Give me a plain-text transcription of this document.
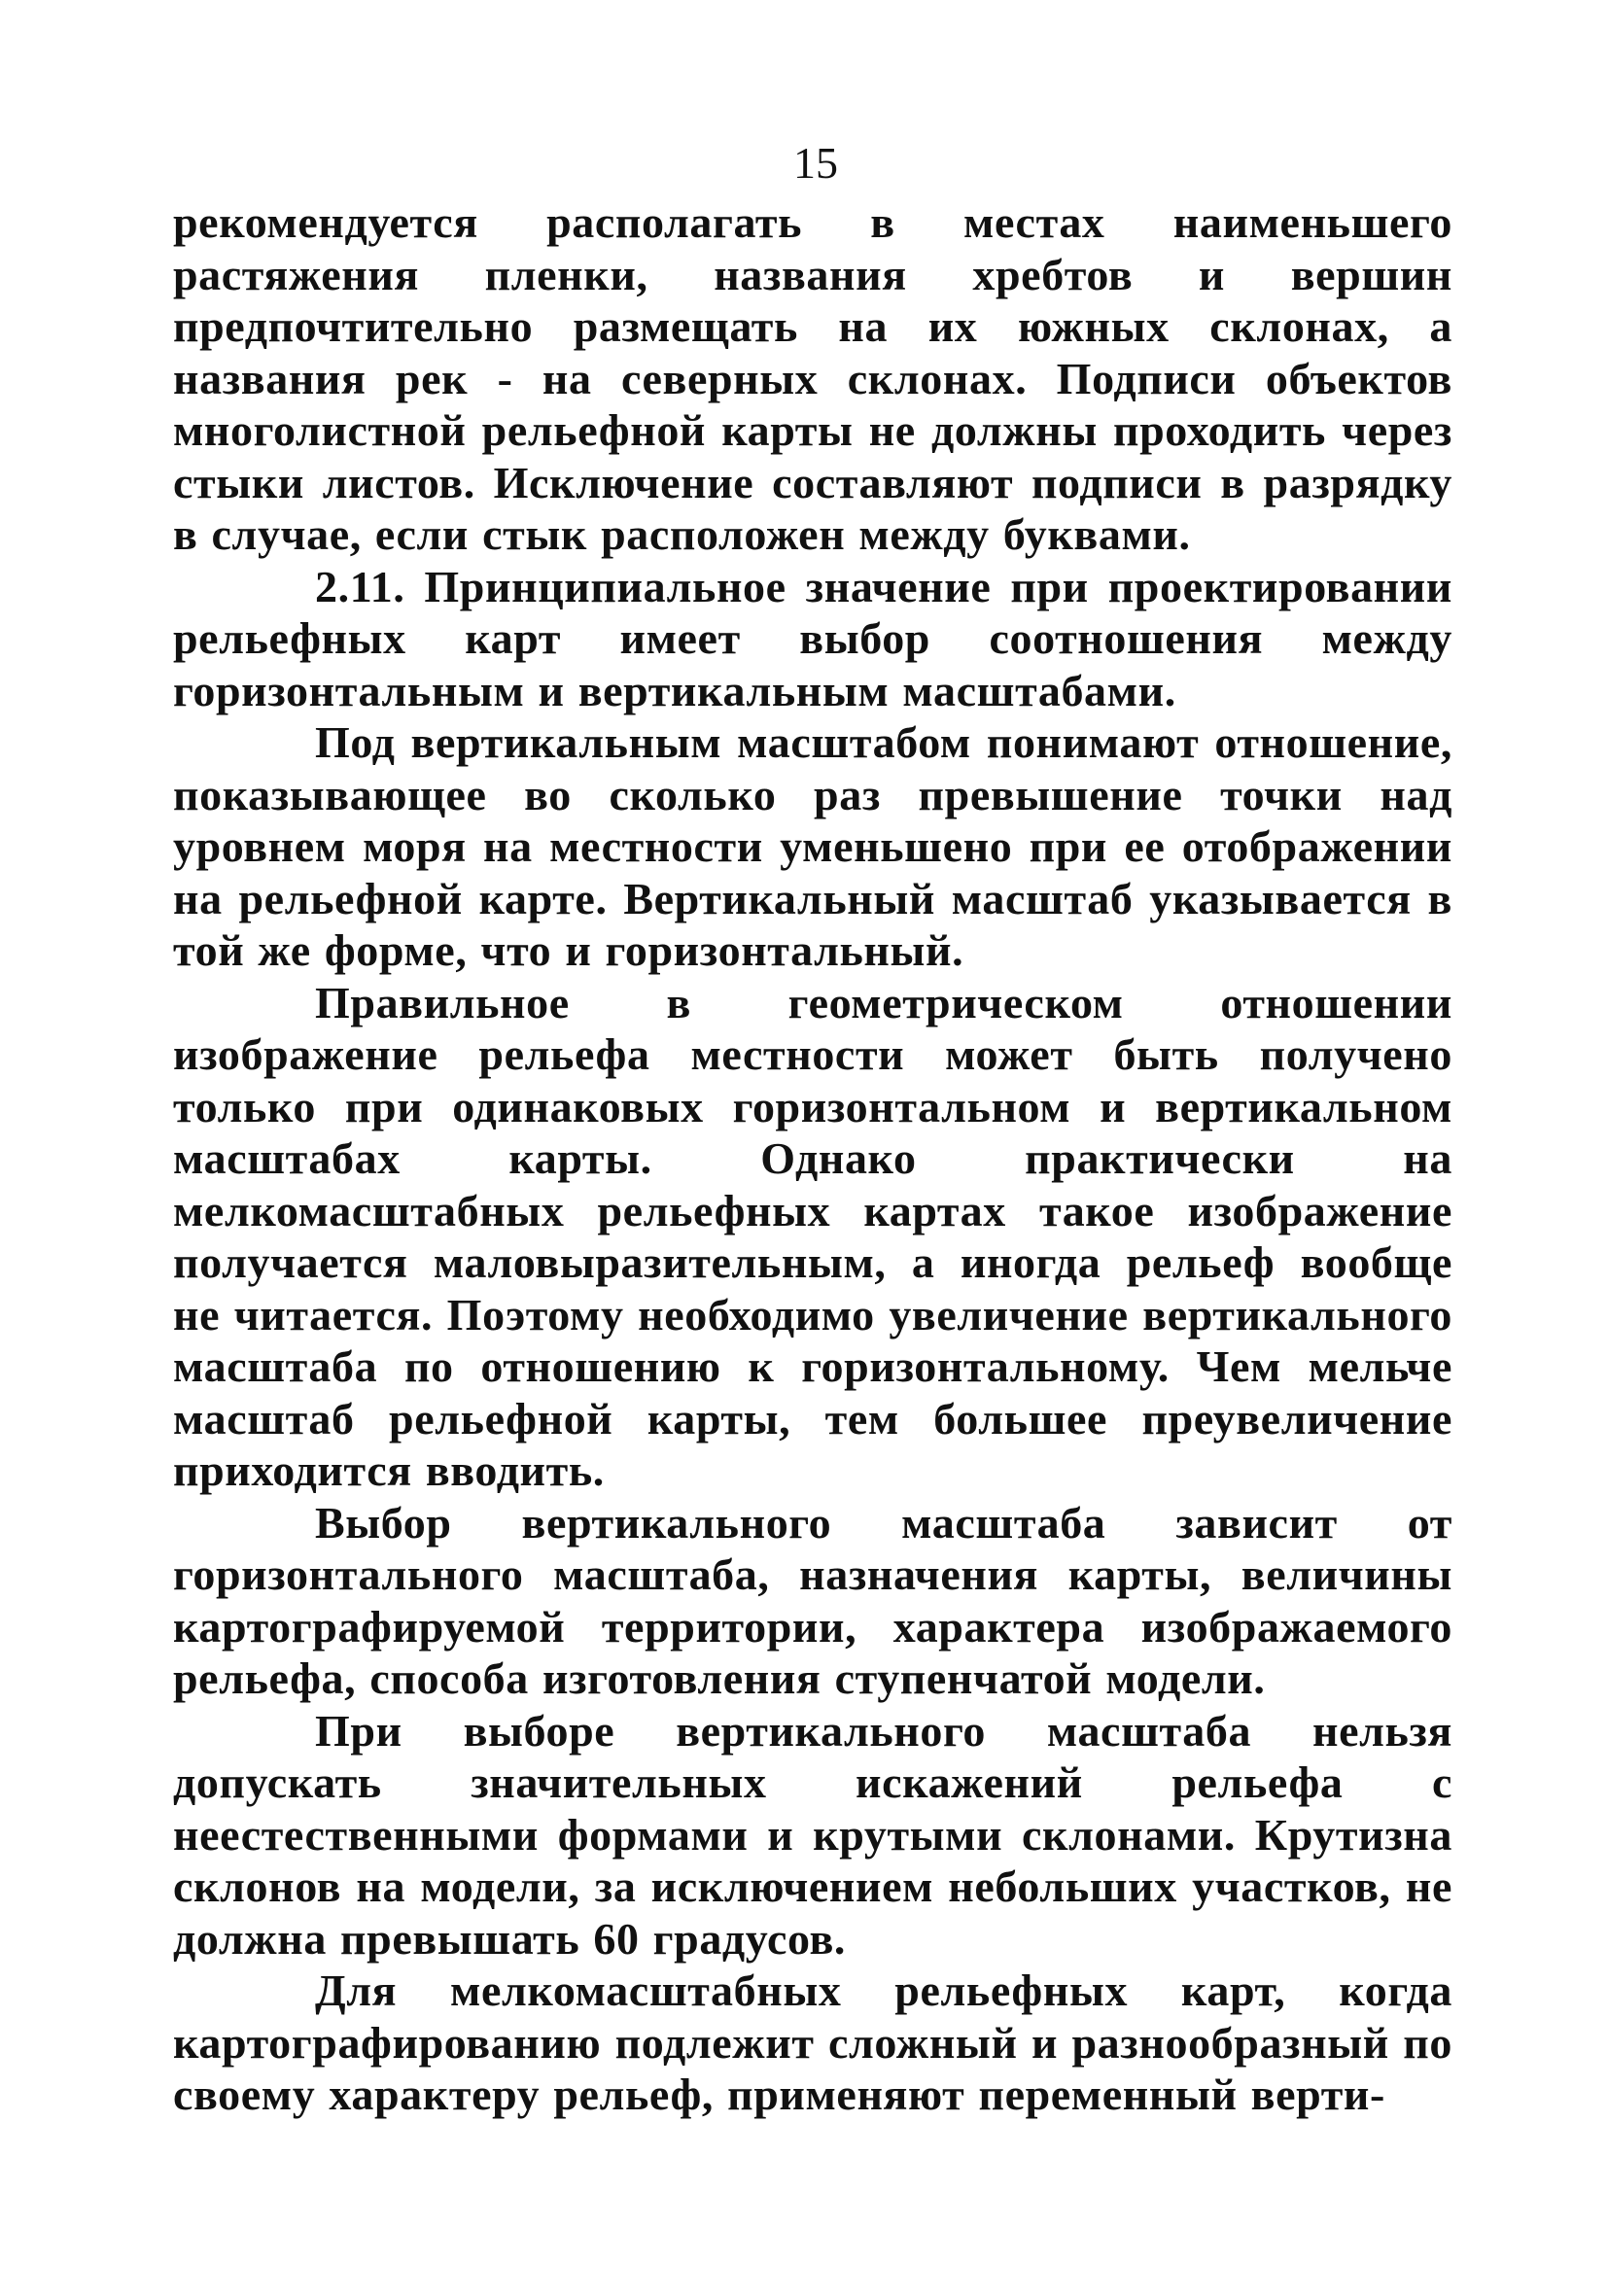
15

рекомендуется располагать в местах наименьшего растяжения пленки, названия хребтов и вершин предпочтительно размещать на их южных склонах, а названия рек - на северных склонах. Подписи объектов многолистной рельефной карты не должны проходить через стыки листов. Исключение составляют подписи в разрядку в случае, если стык расположен между буквами.

2.11. Принципиальное значение при проектировании рельефных карт имеет выбор соотношения между горизонтальным и вертикальным масштабами.

Под вертикальным масштабом понимают отношение, показывающее во сколько раз превышение точки над уровнем моря на местности уменьшено при ее отображении на рельефной карте. Вертикальный масштаб указывается в той же форме, что и горизонтальный.

Правильное в геометрическом отношении изображение рельефа местности может быть получено только при одинаковых горизонтальном и вертикальном масштабах карты. Однако практически на мелкомасштабных рельефных картах такое изображение получается маловыразительным, а иногда рельеф вообще не читается. Поэтому необходимо увеличение вертикального масштаба по отношению к горизонтальному. Чем мельче масштаб рельефной карты, тем большее преувеличение приходится вводить.

Выбор вертикального масштаба зависит от горизонтального масштаба, назначения карты, величины картографируемой территории, характера изображаемого рельефа, способа изготовления ступенчатой модели.

При выборе вертикального масштаба нельзя допускать значительных искажений рельефа с неестественными формами и крутыми склонами. Крутизна склонов на модели, за исключением небольших участков, не должна превышать 60 градусов.

Для мелкомасштабных рельефных карт, когда картографированию подлежит сложный и разнообразный по своему характеру рельеф, применяют переменный верти-
